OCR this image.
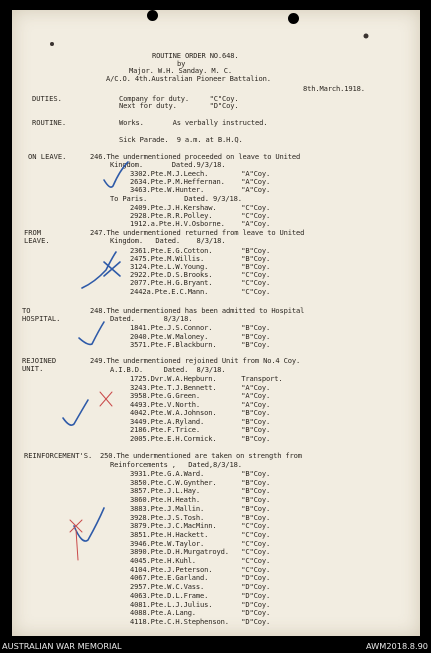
ROUTINE ORDER NO.648.
by
Major. W.H. Sanday. M. C.
A/C.O. 4th.Australian Pioneer Battalion.
8th.March.1918.
DUTIES.	Company for duty.     "C"Coy.
Next for duty.        "D"Coy.
ROUTINE.	Works.       As verbally instructed.
Sick Parade.  9 a.m. at B.H.Q.
ON LEAVE.	246.The undermentioned proceeded on leave to United
Kingdom.       Dated.9/3/18.
3302.Pte.M.J.Leech.        "A"Coy.
2634.Pte.P.M.Heffernan.    "A"Coy.
3463.Pte.W.Hunter.         "A"Coy.
To Paris.         Dated. 9/3/18.
2409.Pte.J.H.Kershaw.      "C"Coy.
2928.Pte.R.R.Polley.       "C"Coy.
1912.a.Pte.H.V.Osborne.    "A"Coy.
FROM
LEAVE.
247.The undermentioned returned from leave to United
Kingdom.   Dated.    8/3/18.
2361.Pte.E.G.Cotton.       "B"Coy.
2475.Pte.M.Willis.         "B"Coy.
3124.Pte.L.W.Young.        "B"Coy.
2922.Pte.D.S.Brooks.       "C"Coy.
2077.Pte.H.G.Bryant.       "C"Coy.
2442a.Pte.E.C.Mann.        "C"Coy.
TO
HOSPITAL.
248.The undermentioned has been admitted to Hospital
Dated.       8/3/18.
1841.Pte.J.S.Connor.       "B"Coy.
2040.Pte.W.Maloney.        "B"Coy.
3571.Pte.F.Blackburn.      "B"Coy.
REJOINED
UNIT.
249.The undermentioned rejoined Unit from No.4 Coy.
A.I.B.D.     Dated.  8/3/18.
1725.Dvr.W.A.Hepburn.      Transport.
3243.Pte.T.J.Bennett.      "A"Coy.
3958.Pte.G.Green.          "A"Coy.
4493.Pte.V.North.          "A"Coy.
4042.Pte.W.A.Johnson.      "B"Coy.
3449.Pte.A.Ryland.         "B"Coy.
2186.Pte.F.Trice.          "B"Coy.
2005.Pte.E.H.Cormick.      "B"Coy.
REINFORCEMENT'S. 250.The undermentioned are taken on strength from
Reinforcements ,   Dated,8/3/18.
3931.Pte.G.A.Ward.         "B"Coy.
3850.Pte.C.W.Gynther.      "B"Coy.
3857.Pte.J.L.Hay.          "B"Coy.
3860.Pte.H.Heath.          "B"Coy.
3883.Pte.J.Mallin.         "B"Coy.
3928.Pte.J.S.Tosh.         "B"Coy.
3879.Pte.J.C.MacMinn.      "C"Coy.
3851.Pte.H.Hackett.        "C"Coy.
3946.Pte.W.Taylor.         "C"Coy.
3890.Pte.D.H.Murgatroyd.   "C"Coy.
4045.Pte.H.Kuhl.           "C"Coy.
4104.Pte.J.Peterson.       "C"Coy.
4067.Pte.E.Garland.        "D"Coy.
2957.Pte.W.C.Vass.         "D"Coy.
4063.Pte.D.L.Frame.        "D"Coy.
4081.Pte.L.J.Julius.       "D"Coy.
4088.Pte.A.Lang.           "D"Coy.
4118.Pte.C.H.Stephenson.   "D"Coy.
AUSTRALIAN WAR MEMORIAL	AWM2018.8.90
